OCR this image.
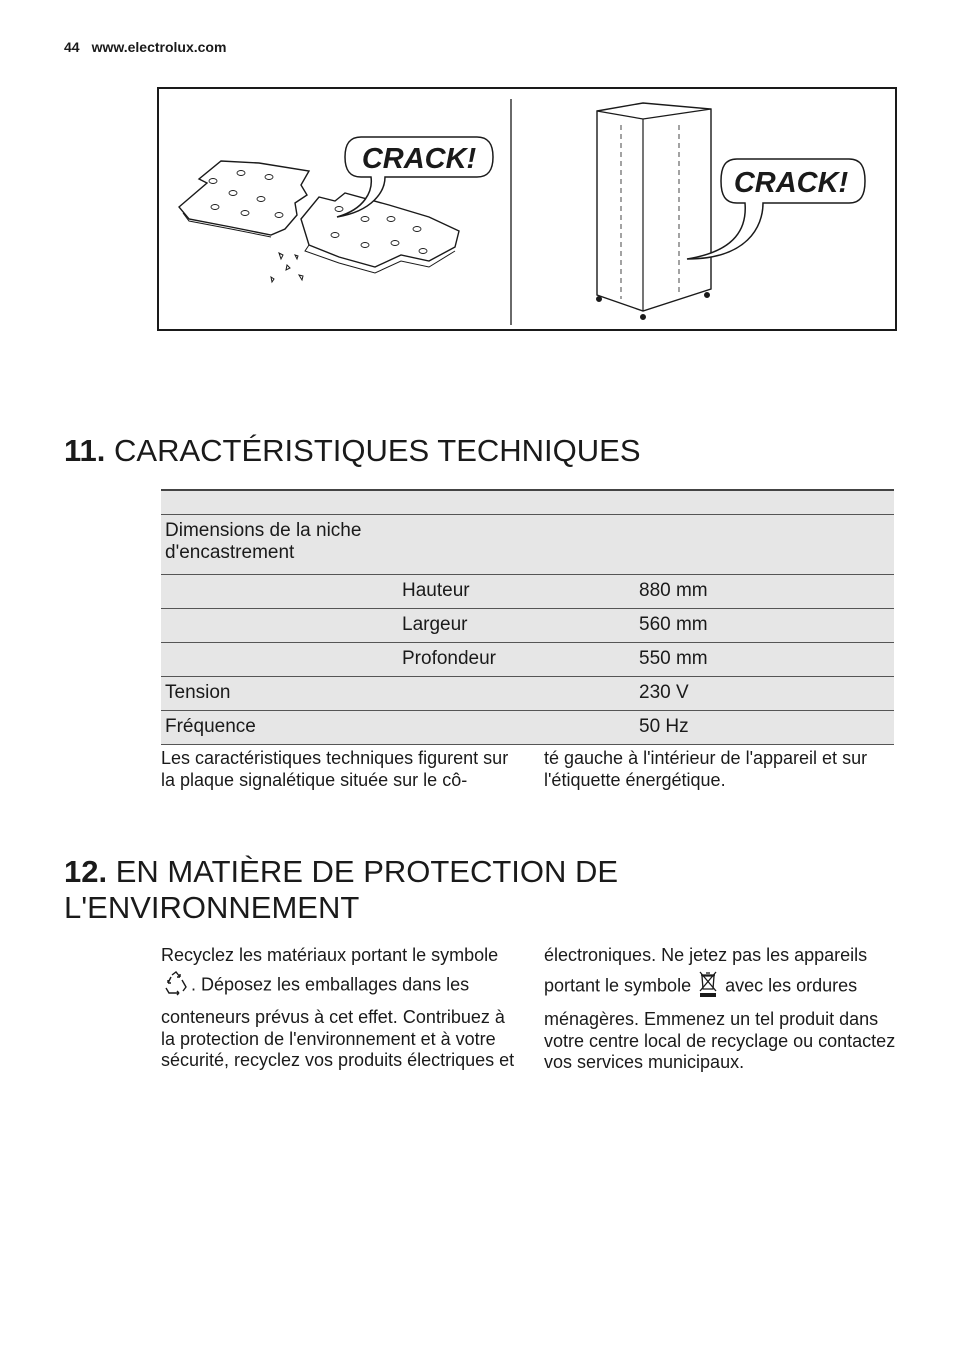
44 www.electrolux.com
CRACK!
CRACK!
11. CARACTÉRISTIQUES TECHNIQUES

Dimensions de la niche d'encastrement		
	Hauteur	880 mm
	Largeur	560 mm
	Profondeur	550 mm
Tension		230 V
Fréquence		50 Hz
Les caractéristiques techniques figurent sur la plaque signalétique située sur le cô-
té gauche à l'intérieur de l'appareil et sur l'étiquette énergétique.
12. EN MATIÈRE DE PROTECTION DE
L'ENVIRONNEMENT
Recyclez les matériaux portant le symbole
. Déposez les emballages dans les
conteneurs prévus à cet effet. Contribuez à la protection de l'environnement et à votre sécurité, recyclez vos produits électriques et
électroniques. Ne jetez pas les appareils
portant le symbole avec les ordures
ménagères. Emmenez un tel produit dans votre centre local de recyclage ou contactez vos services municipaux.
